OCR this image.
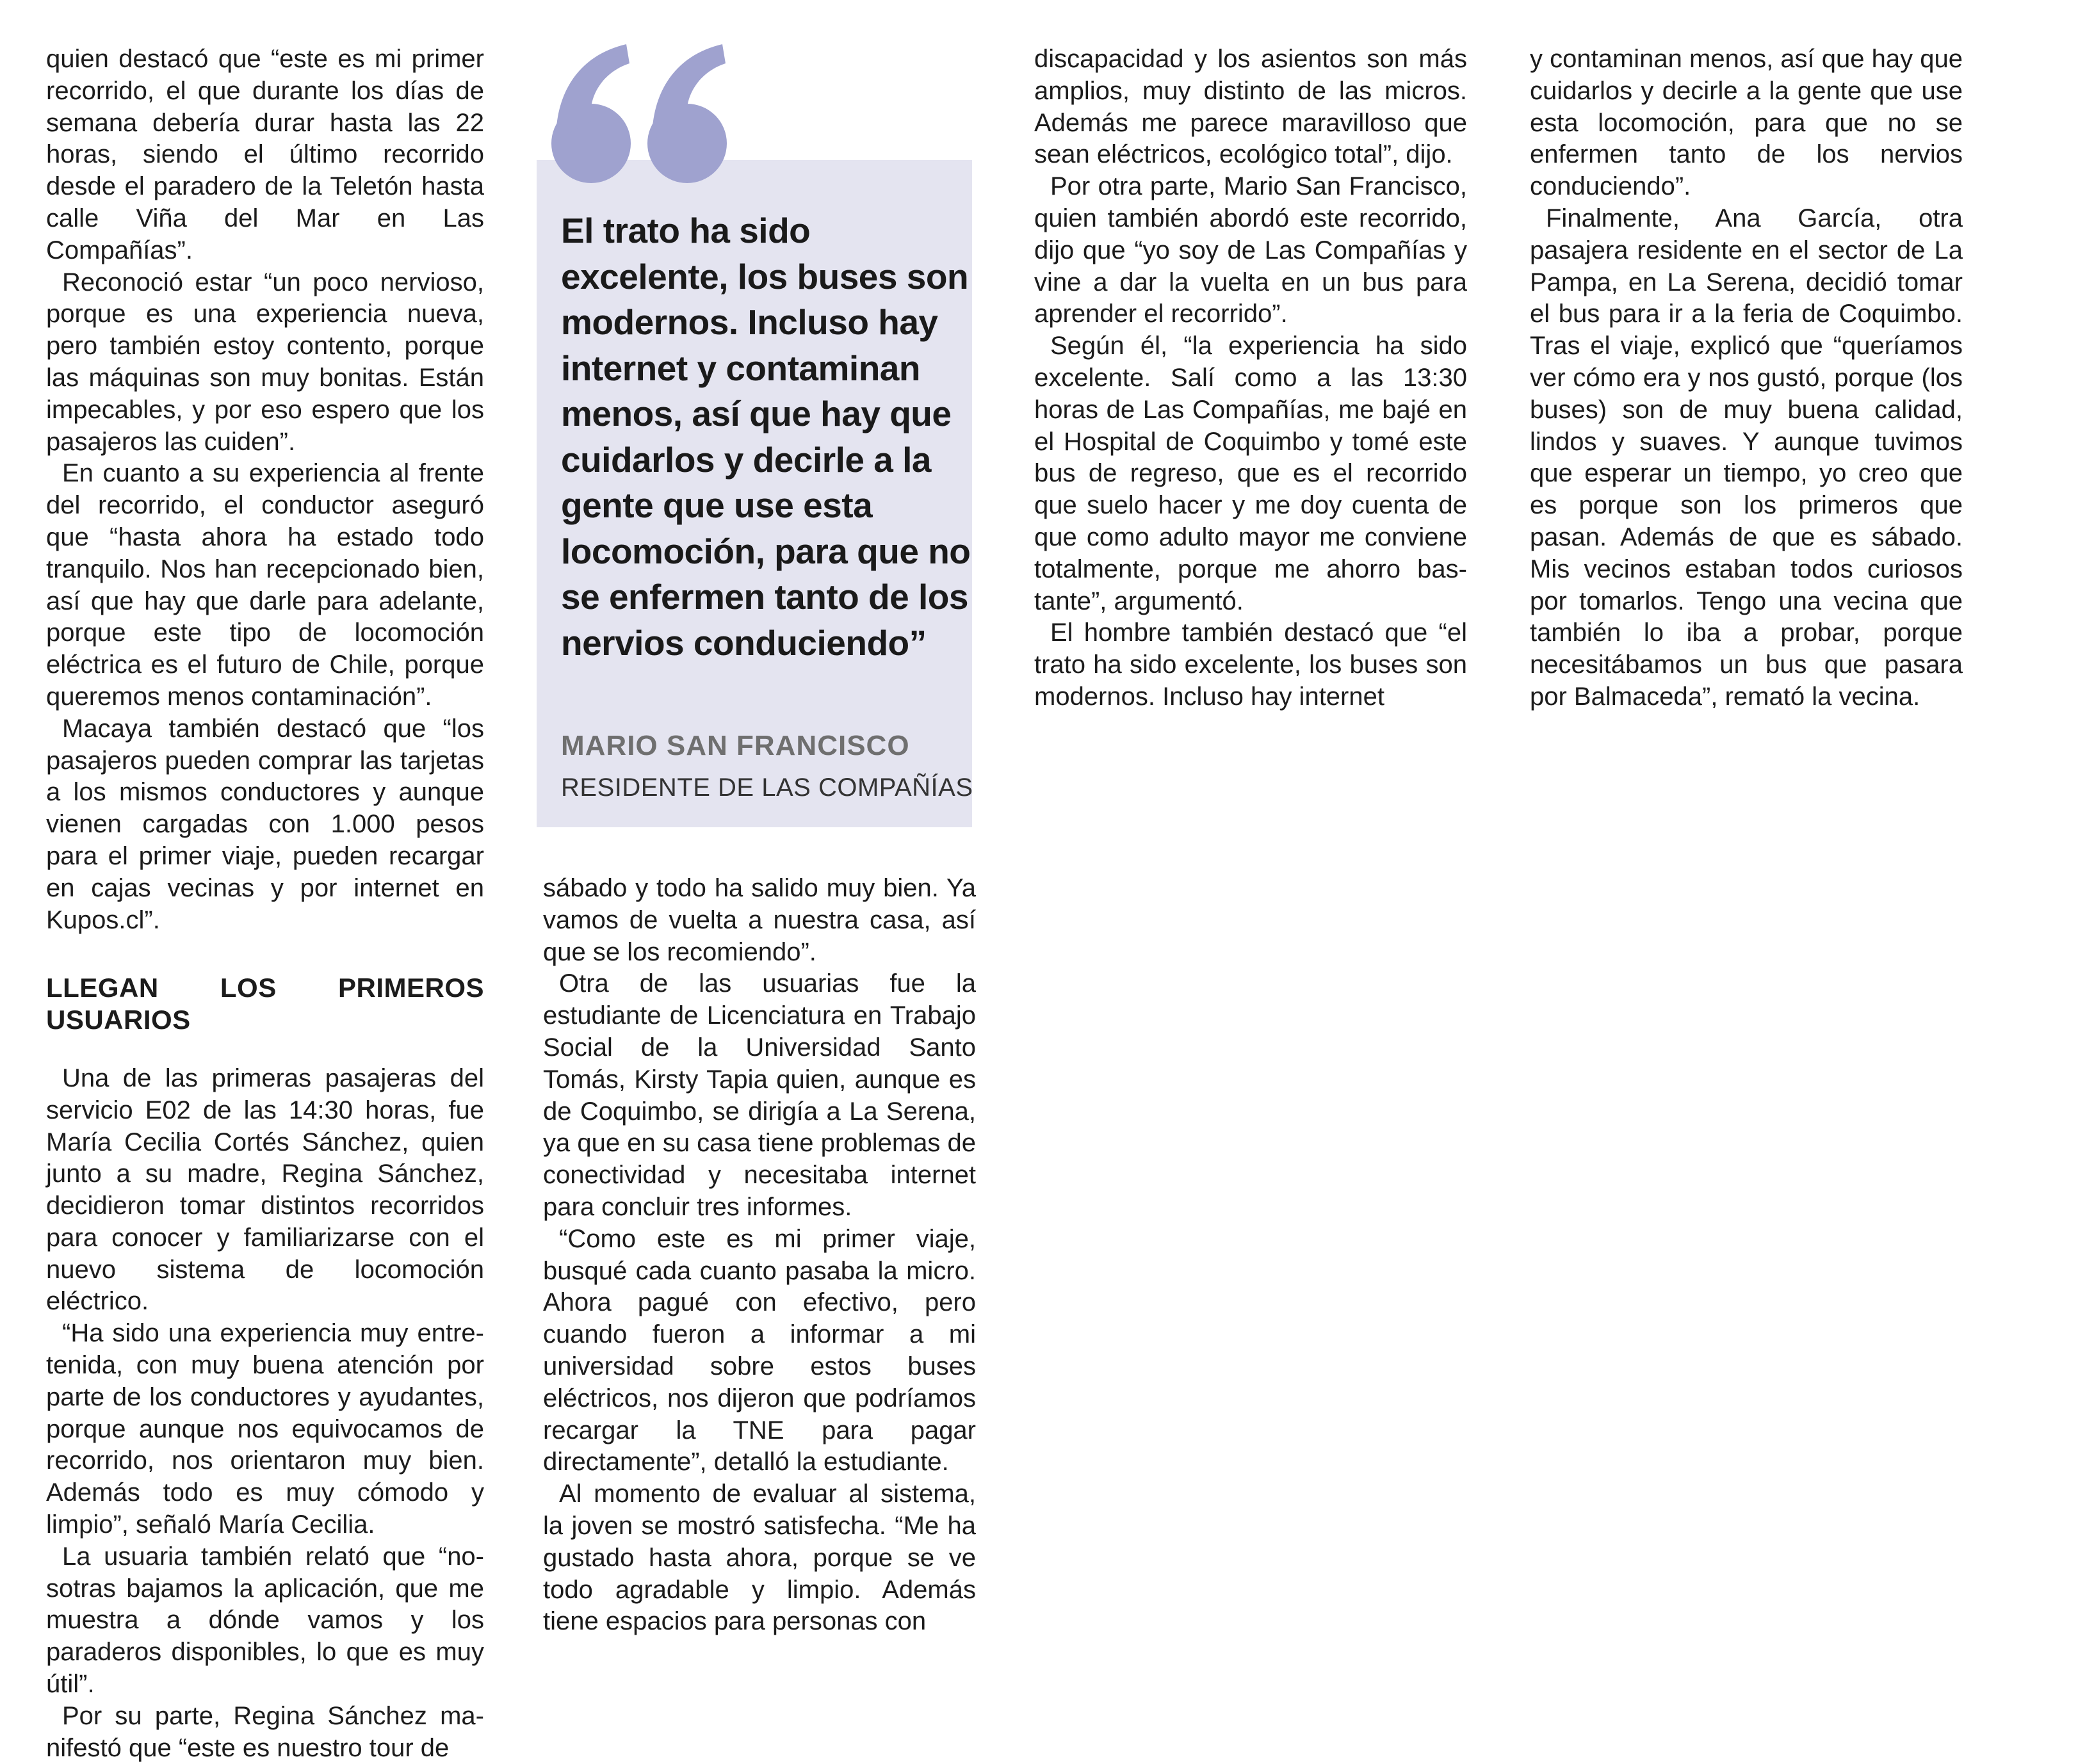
quien destacó que “este es mi primer recorrido, el que durante los días de semana debería durar hasta las 22 horas, siendo el último recorrido desde el paradero de la Teletón hasta calle Viña del Mar en Las Compañías”.

Reconoció estar “un poco nervioso, porque es una experiencia nueva, pero también estoy contento, porque las máquinas son muy bonitas. Están impecables, y por eso espero que los pasajeros las cuiden”.

En cuanto a su experiencia al frente del recorrido, el conductor aseguró que “hasta ahora ha estado todo tranquilo. Nos han recepcionado bien, así que hay que darle para adelante, porque este tipo de locomoción eléctrica es el futuro de Chile, porque queremos menos contaminación”.

Macaya también destacó que “los pasajeros pueden comprar las tarjetas a los mismos conductores y aunque vienen cargadas con 1.000 pesos para el primer viaje, pueden recargar en cajas vecinas y por internet en Kupos.cl”.

LLEGAN LOS PRIMEROS USUARIOS

Una de las primeras pasajeras del servicio E02 de las 14:30 horas, fue María Cecilia Cortés Sánchez, quien junto a su madre, Regina Sánchez, decidieron tomar distintos recorridos para conocer y familiarizarse con el nuevo sistema de locomoción eléctrico.

“Ha sido una experiencia muy entre-tenida, con muy buena atención por parte de los conductores y ayudantes, porque aunque nos equivocamos de recorrido, nos orientaron muy bien. Además todo es muy cómodo y limpio”, señaló María Cecilia.

La usuaria también relató que “no-sotras bajamos la aplicación, que me muestra a dónde vamos y los paraderos disponibles, lo que es muy útil”.

Por su parte, Regina Sánchez ma-nifestó que “este es nuestro tour de

El trato ha sido excelente, los buses son modernos. Incluso hay internet y contaminan menos, así que hay que cuidarlos y decirle a la gente que use esta locomoción, para que no se enfermen tanto de los nervios conduciendo”

MARIO SAN FRANCISCO

RESIDENTE DE LAS COMPAÑÍAS

sábado y todo ha salido muy bien. Ya vamos de vuelta a nuestra casa, así que se los recomiendo”.

Otra de las usuarias fue la estudiante de Licenciatura en Trabajo Social de la Universidad Santo Tomás, Kirsty Tapia quien, aunque es de Coquimbo, se dirigía a La Serena, ya que en su casa tiene problemas de conectividad y necesitaba internet para concluir tres informes.

“Como este es mi primer viaje, busqué cada cuanto pasaba la micro. Ahora pagué con efectivo, pero cuando fueron a informar a mi universidad sobre estos buses eléctricos, nos dijeron que podríamos recargar la TNE para pagar directamente”, detalló la estudiante.

Al momento de evaluar al sistema, la joven se mostró satisfecha. “Me ha gustado hasta ahora, porque se ve todo agradable y limpio. Además tiene espacios para personas con

discapacidad y los asientos son más amplios, muy distinto de las micros. Además me parece maravilloso que sean eléctricos, ecológico total”, dijo.

Por otra parte, Mario San Francisco, quien también abordó este recorrido, dijo que “yo soy de Las Compañías y vine a dar la vuelta en un bus para aprender el recorrido”.

Según él, “la experiencia ha sido excelente. Salí como a las 13:30 horas de Las Compañías, me bajé en el Hospital de Coquimbo y tomé este bus de regreso, que es el recorrido que suelo hacer y me doy cuenta de que como adulto mayor me conviene totalmente, porque me ahorro bas-tante”, argumentó.

El hombre también destacó que “el trato ha sido excelente, los buses son modernos. Incluso hay internet

y contaminan menos, así que hay que cuidarlos y decirle a la gente que use esta locomoción, para que no se enfermen tanto de los nervios conduciendo”.

Finalmente, Ana García, otra pasajera residente en el sector de La Pampa, en La Serena, decidió tomar el bus para ir a la feria de Coquimbo. Tras el viaje, explicó que “queríamos ver cómo era y nos gustó, porque (los buses) son de muy buena calidad, lindos y suaves. Y aunque tuvimos que esperar un tiempo, yo creo que es porque son los primeros que pasan. Además de que es sábado. Mis vecinos estaban todos curiosos por tomarlos. Tengo una vecina que también lo iba a probar, porque necesitábamos un bus que pasara por Balmaceda”, remató la vecina.
